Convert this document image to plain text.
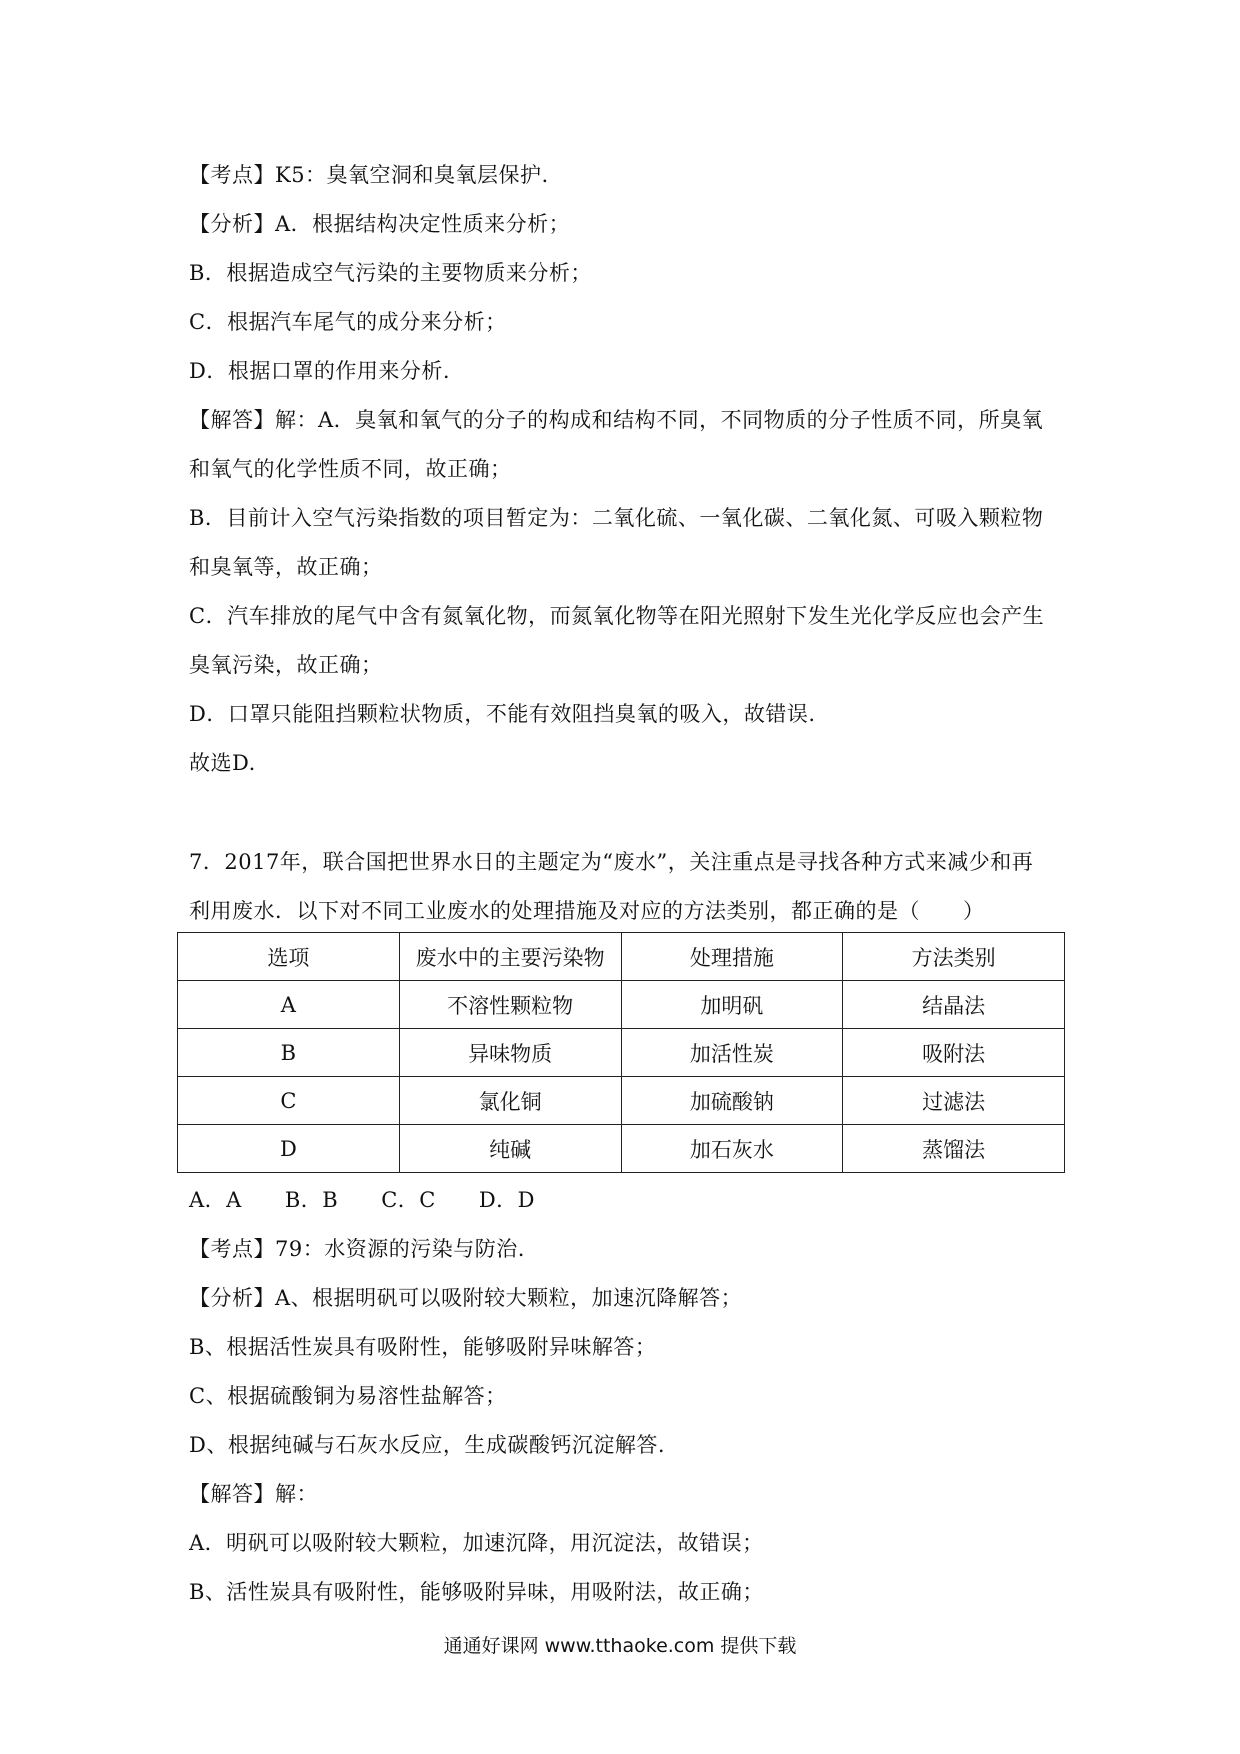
【考点】K5：臭氧空洞和臭氧层保护.
【分析】A．根据结构决定性质来分析；
B．根据造成空气污染的主要物质来分析；
C．根据汽车尾气的成分来分析；
D．根据口罩的作用来分析.
【解答】解：A．臭氧和氧气的分子的构成和结构不同，不同物质的分子性质不同，所臭氧
和氧气的化学性质不同，故正确；
B．目前计入空气污染指数的项目暂定为：二氧化硫、一氧化碳、二氧化氮、可吸入颗粒物
和臭氧等，故正确；
C．汽车排放的尾气中含有氮氧化物，而氮氧化物等在阳光照射下发生光化学反应也会产生
臭氧污染，故正确；
D．口罩只能阻挡颗粒状物质，不能有效阻挡臭氧的吸入，故错误.
故选D.
7．2017年，联合国把世界水日的主题定为“废水”，关注重点是寻找各种方式来减少和再
利用废水．以下对不同工业废水的处理措施及对应的方法类别，都正确的是（　　）
选项	废水中的主要污染物	处理措施	方法类别
A	不溶性颗粒物	加明矾	结晶法
B	异味物质	加活性炭	吸附法
C	氯化铜	加硫酸钠	过滤法
D	纯碱	加石灰水	蒸馏法
A．A　　B．B　　C．C　　D．D
【考点】79：水资源的污染与防治.
【分析】A、根据明矾可以吸附较大颗粒，加速沉降解答；
B、根据活性炭具有吸附性，能够吸附异味解答；
C、根据硫酸铜为易溶性盐解答；
D、根据纯碱与石灰水反应，生成碳酸钙沉淀解答.
【解答】解：
A．明矾可以吸附较大颗粒，加速沉降，用沉淀法，故错误；
B、活性炭具有吸附性，能够吸附异味，用吸附法，故正确；
通通好课网 www.tthaoke.com 提供下载
